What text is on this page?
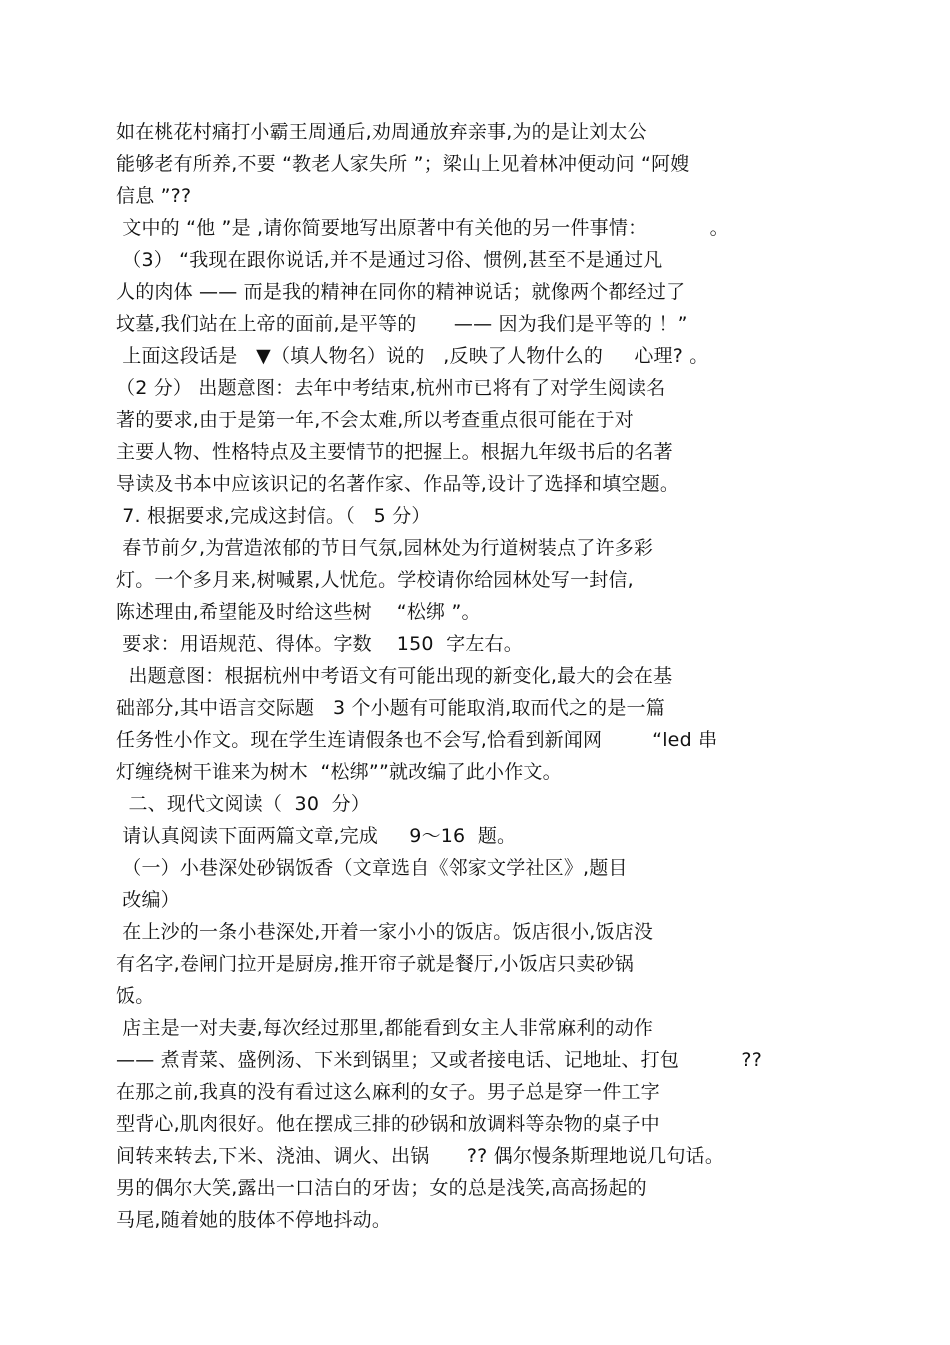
如在桃花村痛打小霸王周通后,劝周通放弃亲事,为的是让刘太公
能够老有所养,不要 “教老人家失所 ”；梁山上见着林冲便动问 “阿嫂
信息 ”??
文中的 “他 ”是 ,请你简要地写出原著中有关他的另一件事情：          。
（3） “我现在跟你说话,并不是通过习俗、惯例,甚至不是通过凡
人的肉体 —— 而是我的精神在同你的精神说话；就像两个都经过了
坟墓,我们站在上帝的面前,是平等的      —— 因为我们是平等的 ！”
上面这段话是   ▼（填人物名）说的   ,反映了人物什么的     心理? 。
（2 分） 出题意图：去年中考结束,杭州市已将有了对学生阅读名
著的要求,由于是第一年,不会太难,所以考查重点很可能在于对
主要人物、性格特点及主要情节的把握上。根据九年级书后的名著
导读及书本中应该识记的名著作家、作品等,设计了选择和填空题。
7. 根据要求,完成这封信。（   5 分）
春节前夕,为营造浓郁的节日气氛,园林处为行道树装点了许多彩
灯。一个多月来,树喊累,人忧危。学校请你给园林处写一封信,
陈述理由,希望能及时给这些树    “松绑 ”。
要求：用语规范、得体。字数    150  字左右。
出题意图：根据杭州中考语文有可能出现的新变化,最大的会在基
础部分,其中语言交际题   3 个小题有可能取消,取而代之的是一篇
任务性小作文。现在学生连请假条也不会写,恰看到新闻网        “led 串
灯缠绕树干谁来为树木  “松绑””就改编了此小作文。
二、现代文阅读（  30  分）
请认真阅读下面两篇文章,完成     9～16  题。
（一）小巷深处砂锅饭香（文章选自《邻家文学社区》,题目
改编）
在上沙的一条小巷深处,开着一家小小的饭店。饭店很小,饭店没
有名字,卷闸门拉开是厨房,推开帘子就是餐厅,小饭店只卖砂锅
饭。
店主是一对夫妻,每次经过那里,都能看到女主人非常麻利的动作
—— 煮青菜、盛例汤、下米到锅里；又或者接电话、记地址、打包          ??
在那之前,我真的没有看过这么麻利的女子。男子总是穿一件工字
型背心,肌肉很好。他在摆成三排的砂锅和放调料等杂物的桌子中
间转来转去,下米、浇油、调火、出锅      ?? 偶尔慢条斯理地说几句话。
男的偶尔大笑,露出一口洁白的牙齿；女的总是浅笑,高高扬起的
马尾,随着她的肢体不停地抖动。
